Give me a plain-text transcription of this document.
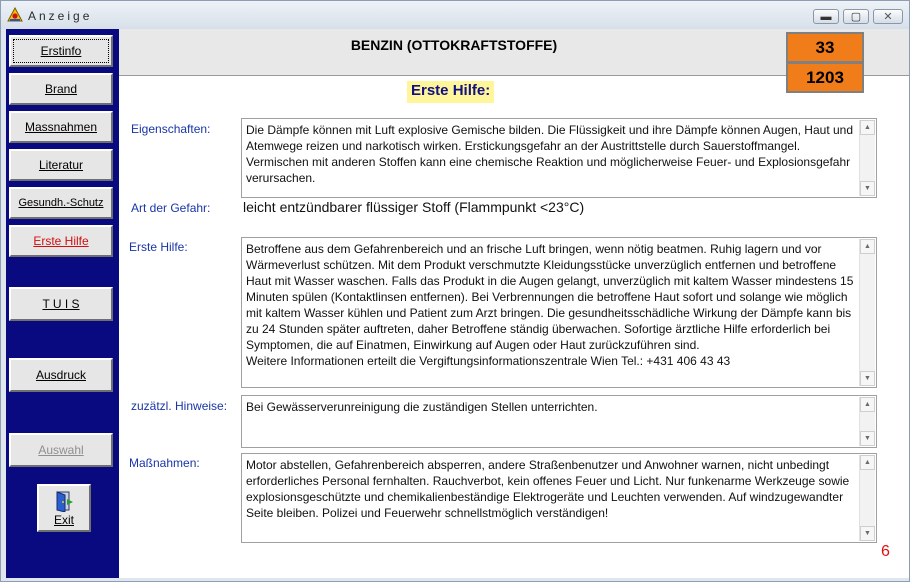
Anzeige	▬	▢	✕
Erstinfo
Brand
Massnahmen
Literatur
Gesundh.-Schutz
Erste Hilfe
T U I S
Ausdruck
Auswahl
Exit
BENZIN (OTTOKRAFTSTOFFE)	33
1203
Erste Hilfe:
Eigenschaften:	Die Dämpfe können mit Luft explosive Gemische bilden. Die Flüssigkeit und ihre Dämpfe können Augen, Haut und Atemwege reizen und narkotisch wirken. Erstickungsgefahr an der Austrittstelle durch Sauerstoffmangel. Vermischen mit anderen Stoffen kann eine chemische Reaktion und möglicherweise Feuer- und Explosionsgefahr verursachen.
▲
▼
Art der Gefahr: leicht entzündbarer flüssiger Stoff (Flammpunkt <23°C)
Erste Hilfe:	Betroffene aus dem Gefahrenbereich und an frische Luft bringen, wenn nötig beatmen. Ruhig lagern und vor Wärmeverlust schützen. Mit dem Produkt verschmutzte Kleidungsstücke unverzüglich entfernen und betroffene Haut mit Wasser waschen. Falls das Produkt in die Augen gelangt, unverzüglich mit kaltem Wasser mindestens 15 Minuten spülen (Kontaktlinsen entfernen). Bei Verbrennungen die betroffene Haut sofort und solange wie möglich mit kaltem Wasser kühlen und Patient zum Arzt bringen. Die gesundheitsschädliche Wirkung der Dämpfe kann bis zu 24 Stunden später auftreten, daher Betroffene ständig überwachen. Sofortige ärztliche Hilfe erforderlich bei Symptomen, die auf Einatmen, Einwirkung auf Augen oder Haut zurückzuführen sind.
Weitere Informationen erteilt die Vergiftungsinformationszentrale Wien Tel.: +431 406 43 43
▲
▼
zuzätzl. Hinweise: Bei Gewässerverunreinigung die zuständigen Stellen unterrichten.	▲
▼
Maßnahmen:	Motor abstellen, Gefahrenbereich absperren, andere Straßenbenutzer und Anwohner warnen, nicht unbedingt erforderliches Personal fernhalten. Rauchverbot, kein offenes Feuer und Licht. Nur funkenarme Werkzeuge sowie explosionsgeschützte und chemikalienbeständige Elektrogeräte und Leuchten verwenden. Auf windzugewandter Seite bleiben. Polizei und Feuerwehr schnellstmöglich verständigen!
▲
▼
6
